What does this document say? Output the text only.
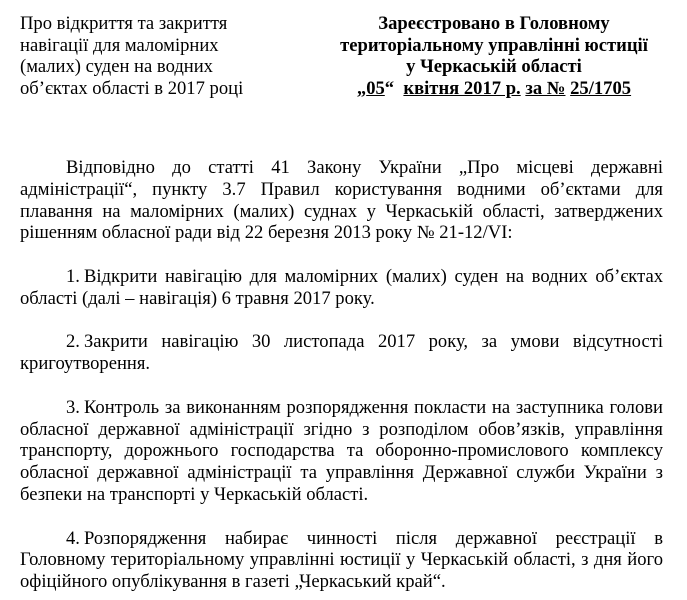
Про відкриття та закриття
навігації для маломірних
(малих) суден на водних
об’єктах області в 2017 році
Зареєстровано в Головному
територіальному управлінні юстиції
у Черкаській області
„05“ квітня 2017 р. за № 25/1705

Відповідно до статті 41 Закону України „Про місцеві державні адміністрації“, пункту 3.7 Правил користування водними об’єктами для плавання на маломірних (малих) суднах у Черкаській області, затверджених рішенням обласної ради від 22 березня 2013 року № 21-12/VI:

1. Відкрити навігацію для маломірних (малих) суден на водних об’єктах області (далі – навігація) 6 травня 2017 року.

2. Закрити навігацію 30 листопада 2017 року, за умови відсутності кригоутворення.

3. Контроль за виконанням розпорядження покласти на заступника голови обласної державної адміністрації згідно з розподілом обов’язків, управління транспорту, дорожнього господарства та оборонно-промислового комплексу обласної державної адміністрації та управління Державної служби України з безпеки на транспорті у Черкаській області.

4. Розпорядження набирає чинності після державної реєстрації в Головному територіальному управлінні юстиції у Черкаській області, з дня його офіційного опублікування в газеті „Черкаський край“.
